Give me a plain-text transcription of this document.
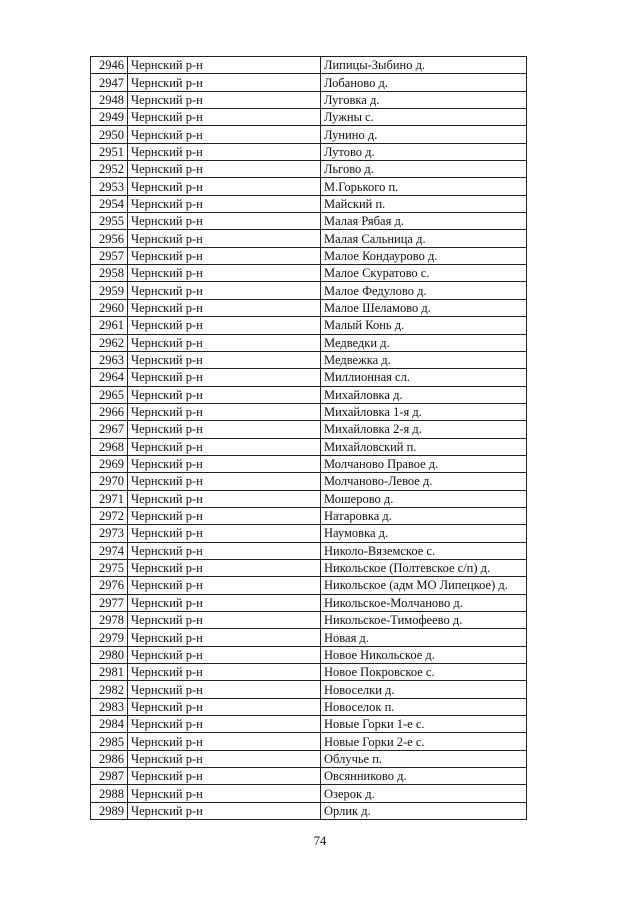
2946	Чернский р-н	Липицы-Зыбино д.
2947	Чернский р-н	Лобаново д.
2948	Чернский р-н	Луговка д.
2949	Чернский р-н	Лужны с.
2950	Чернский р-н	Лунино д.
2951	Чернский р-н	Лутово д.
2952	Чернский р-н	Льгово д.
2953	Чернский р-н	М.Горького п.
2954	Чернский р-н	Майский п.
2955	Чернский р-н	Малая Рябая д.
2956	Чернский р-н	Малая Сальница д.
2957	Чернский р-н	Малое Кондаурово д.
2958	Чернский р-н	Малое Скуратово с.
2959	Чернский р-н	Малое Федулово д.
2960	Чернский р-н	Малое Шеламово д.
2961	Чернский р-н	Малый Конь д.
2962	Чернский р-н	Медведки д.
2963	Чернский р-н	Медвежка д.
2964	Чернский р-н	Миллионная сл.
2965	Чернский р-н	Михайловка д.
2966	Чернский р-н	Михайловка 1-я д.
2967	Чернский р-н	Михайловка 2-я д.
2968	Чернский р-н	Михайловский п.
2969	Чернский р-н	Молчаново Правое д.
2970	Чернский р-н	Молчаново-Левое д.
2971	Чернский р-н	Мошерово д.
2972	Чернский р-н	Натаровка д.
2973	Чернский р-н	Наумовка д.
2974	Чернский р-н	Николо-Вяземское с.
2975	Чернский р-н	Никольское (Полтевское с/п) д.
2976	Чернский р-н	Никольское (адм МО Липецкое) д.
2977	Чернский р-н	Никольское-Молчаново д.
2978	Чернский р-н	Никольское-Тимофеево д.
2979	Чернский р-н	Новая д.
2980	Чернский р-н	Новое Никольское д.
2981	Чернский р-н	Новое Покровское с.
2982	Чернский р-н	Новоселки д.
2983	Чернский р-н	Новоселок п.
2984	Чернский р-н	Новые Горки 1-е с.
2985	Чернский р-н	Новые Горки 2-е с.
2986	Чернский р-н	Облучье п.
2987	Чернский р-н	Овсянниково д.
2988	Чернский р-н	Озерок д.
2989	Чернский р-н	Орлик д.
74
